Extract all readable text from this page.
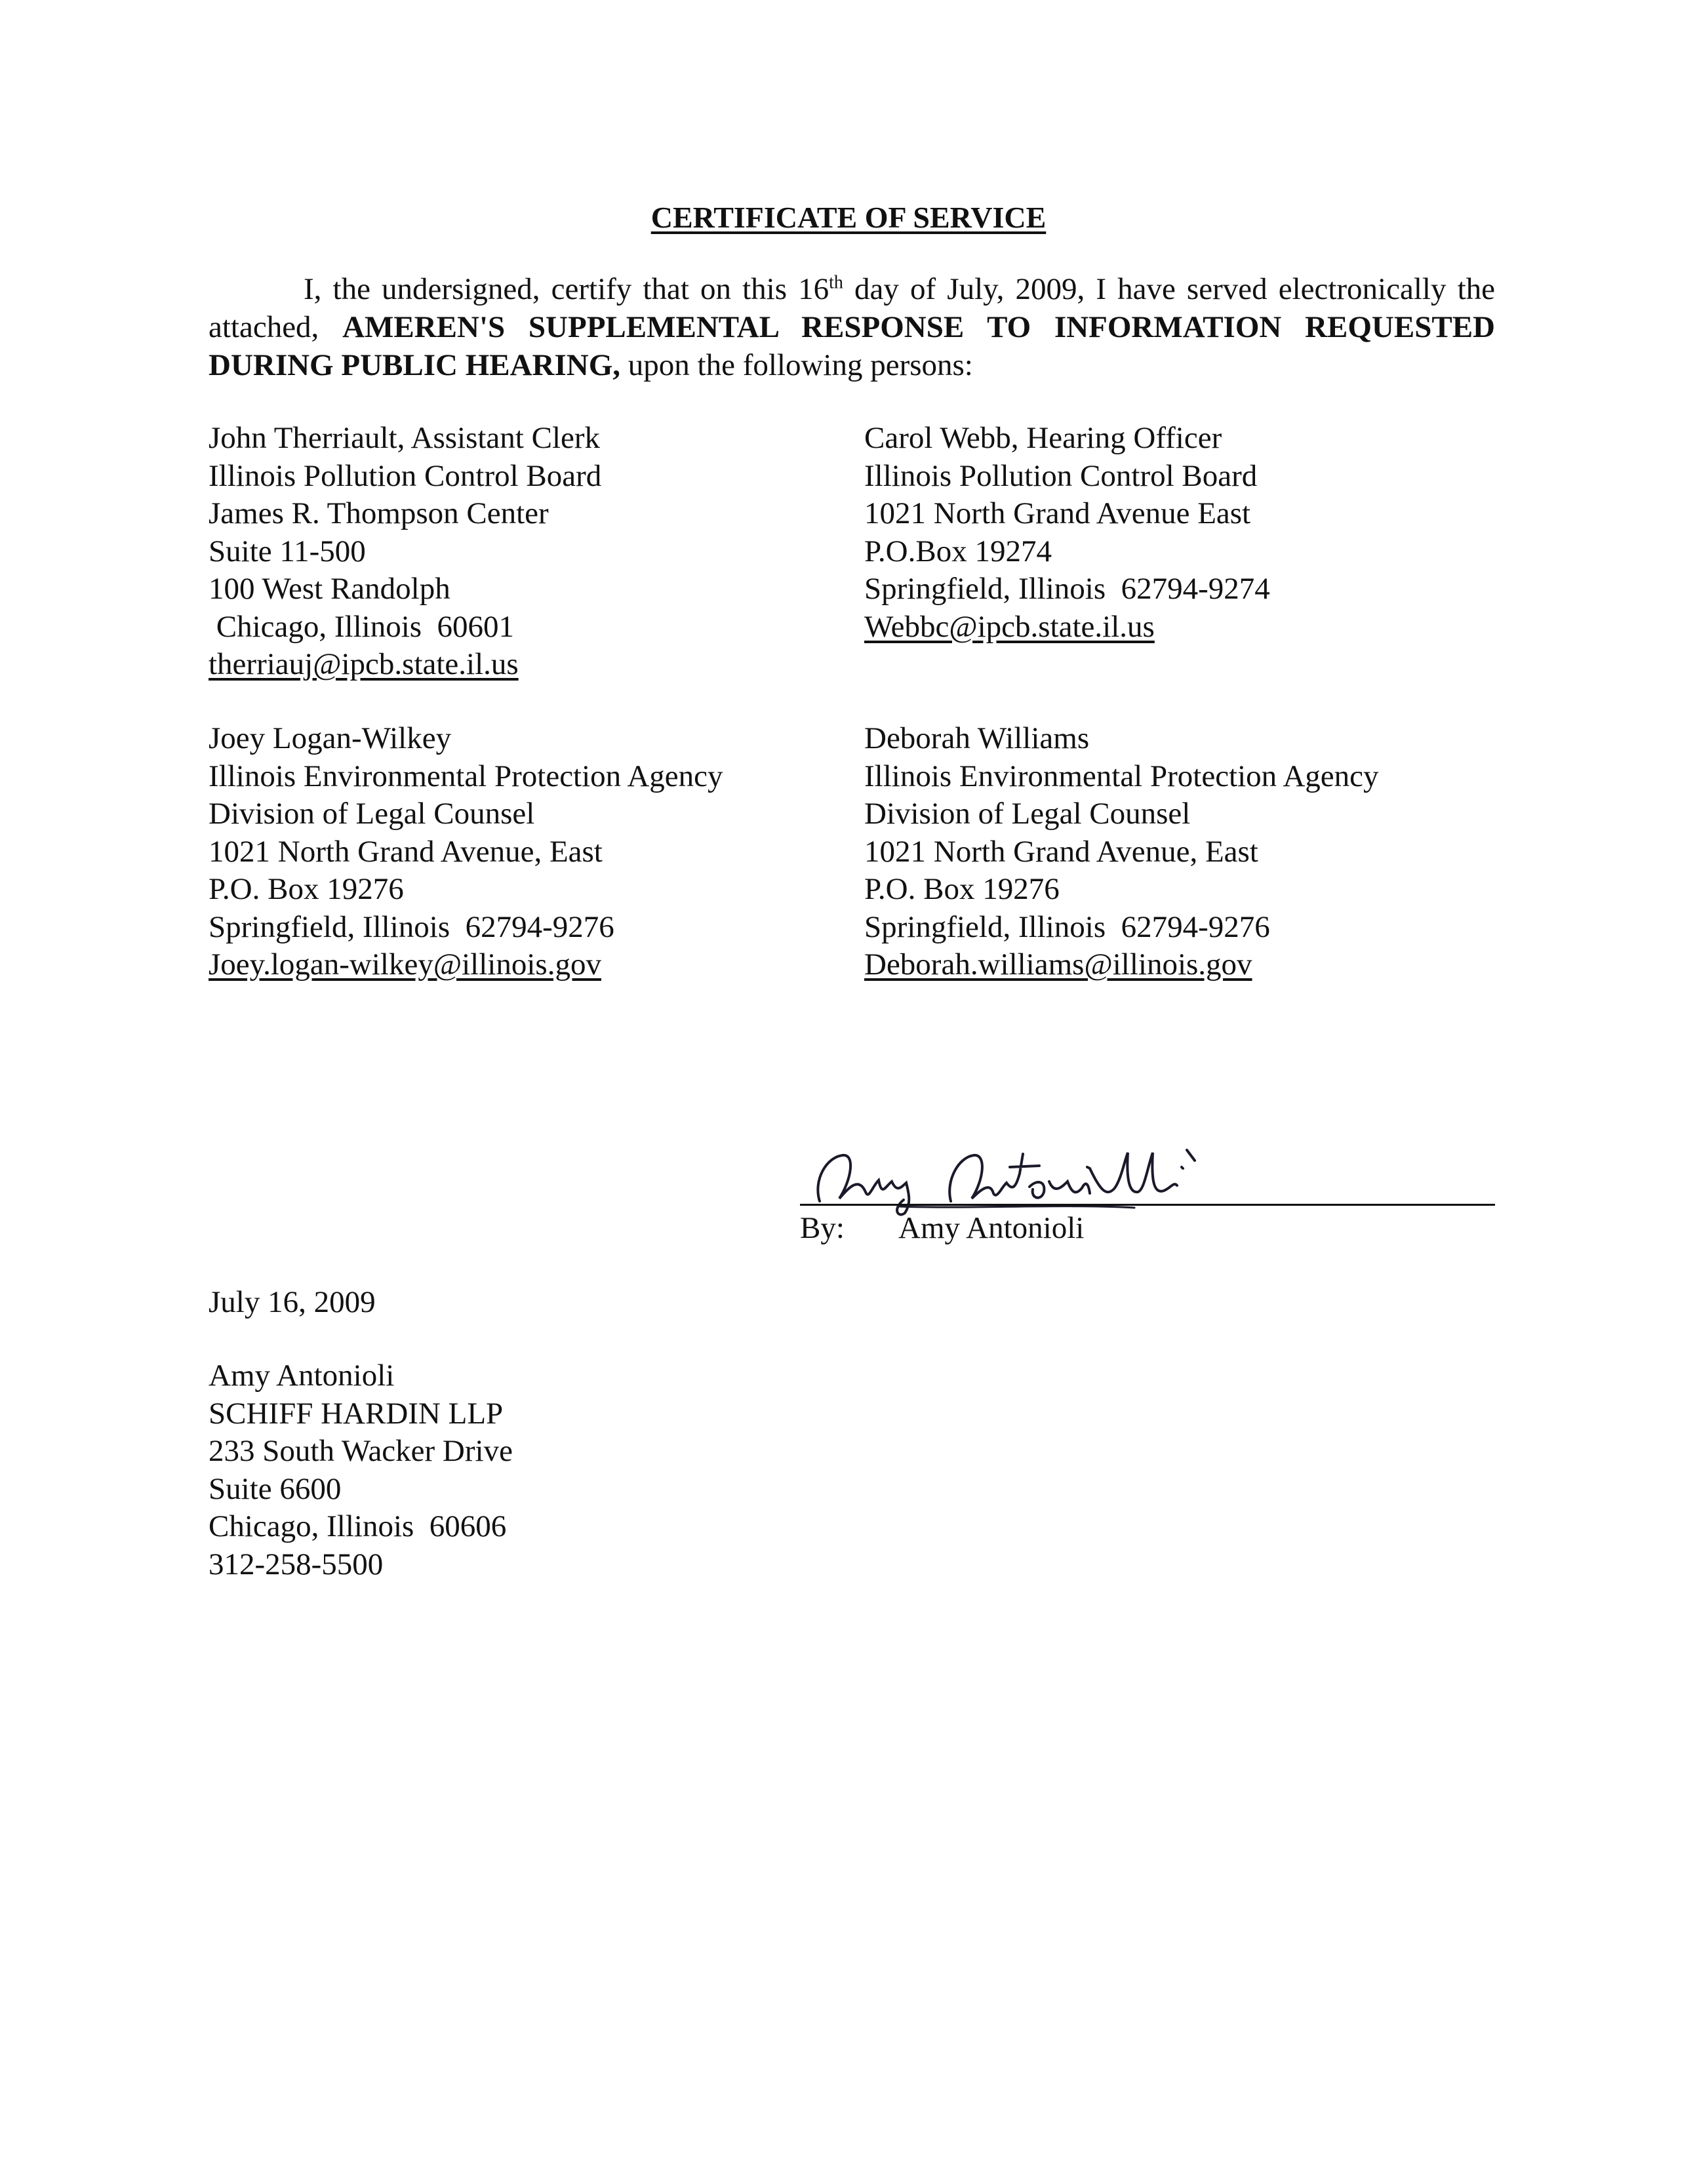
CERTIFICATE OF SERVICE

I, the undersigned, certify that on this 16th day of July, 2009, I have served electronically the attached, AMEREN'S SUPPLEMENTAL RESPONSE TO INFORMATION REQUESTED DURING PUBLIC HEARING, upon the following persons:

John Therriault, Assistant Clerk
Illinois Pollution Control Board
James R. Thompson Center
Suite 11-500
100 West Randolph
Chicago, Illinois  60601
therriauj@ipcb.state.il.us
Carol Webb, Hearing Officer
Illinois Pollution Control Board
1021 North Grand Avenue East
P.O.Box 19274
Springfield, Illinois  62794-9274
Webbc@ipcb.state.il.us
Joey Logan-Wilkey
Illinois Environmental Protection Agency
Division of Legal Counsel
1021 North Grand Avenue, East
P.O. Box 19276
Springfield, Illinois  62794-9276
Joey.logan-wilkey@illinois.gov
Deborah Williams
Illinois Environmental Protection Agency
Division of Legal Counsel
1021 North Grand Avenue, East
P.O. Box 19276
Springfield, Illinois  62794-9276
Deborah.williams@illinois.gov
By: Amy Antonioli

July 16, 2009

Amy Antonioli
SCHIFF HARDIN LLP
233 South Wacker Drive
Suite 6600
Chicago, Illinois  60606
312-258-5500
